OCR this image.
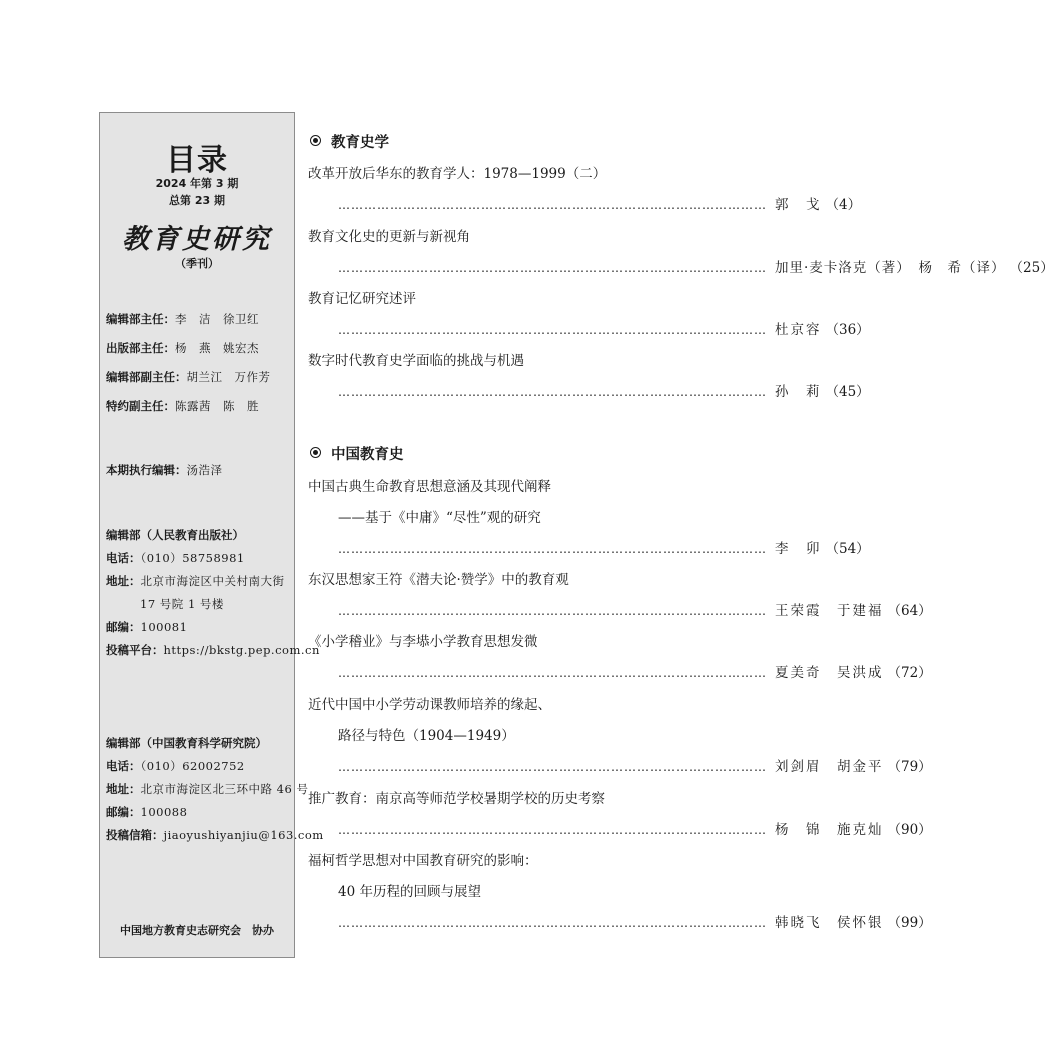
目录
2024 年第 3 期
总第 23 期
教育史研究
（季刊）
编辑部主任：李　洁　徐卫红
出版部主任：杨　燕　姚宏杰
编辑部副主任：胡兰江　万作芳
特约副主任：陈露茜　陈　胜
本期执行编辑：汤浩泽
编辑部（人民教育出版社）
电话：（010）58758981
地址：北京市海淀区中关村南大街
17 号院 1 号楼
邮编：100081
投稿平台：https://bkstg.pep.com.cn
编辑部（中国教育科学研究院）
电话：（010）62002752
地址：北京市海淀区北三环中路 46 号
邮编：100088
投稿信箱：jiaoyushiyanjiu@163.com
中国地方教育史志研究会　协办
教育史学
改革开放后华东的教育学人：1978—1999（二）
……………………………………………………………………………………… 郭　戈 （4）
教育文化史的更新与新视角
……………………………………………………………………………………… 加里·麦卡洛克（著）　杨　希（译） （25）
教育记忆研究述评
……………………………………………………………………………………… 杜京容 （36）
数字时代教育史学面临的挑战与机遇
……………………………………………………………………………………… 孙　莉 （45）
中国教育史
中国古典生命教育思想意涵及其现代阐释
——基于《中庸》“尽性”观的研究
……………………………………………………………………………………… 李　卯 （54）
东汉思想家王符《潜夫论·赞学》中的教育观
……………………………………………………………………………………… 王荣霞　于建福 （64）
《小学稽业》与李塨小学教育思想发微
……………………………………………………………………………………… 夏美奇　吴洪成 （72）
近代中国中小学劳动课教师培养的缘起、
路径与特色（1904—1949）
……………………………………………………………………………………… 刘剑眉　胡金平 （79）
推广教育：南京高等师范学校暑期学校的历史考察
……………………………………………………………………………………… 杨　锦　施克灿 （90）
福柯哲学思想对中国教育研究的影响：
40 年历程的回顾与展望
……………………………………………………………………………………… 韩晓飞　侯怀银 （99）
